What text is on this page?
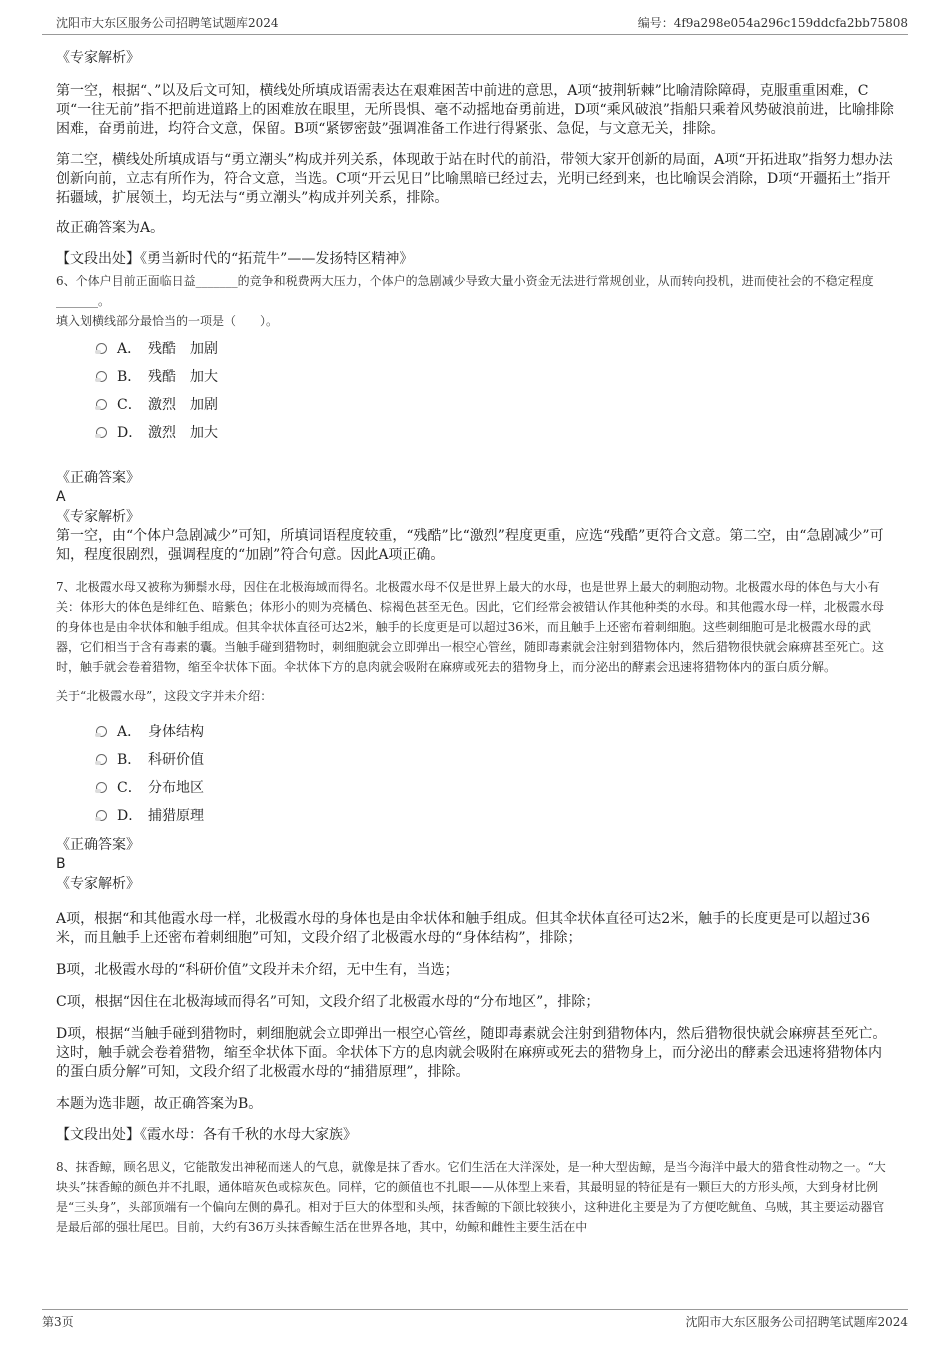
沈阳市大东区服务公司招聘笔试题库2024	编号：4f9a298e054a296c159ddcfa2bb75808

《专家解析》

第一空，根据“、”以及后文可知，横线处所填成语需表达在艰难困苦中前进的意思，A项“披荆斩棘”比喻清除障碍，克服重重困难，C项“一往无前”指不把前进道路上的困难放在眼里，无所畏惧、毫不动摇地奋勇前进，D项“乘风破浪”指船只乘着风势破浪前进，比喻排除困难，奋勇前进，均符合文意，保留。B项“紧锣密鼓”强调准备工作进行得紧张、急促，与文意无关，排除。

第二空，横线处所填成语与“勇立潮头”构成并列关系，体现敢于站在时代的前沿，带领大家开创新的局面，A项“开拓进取”指努力想办法创新向前，立志有所作为，符合文意，当选。C项“开云见日”比喻黑暗已经过去，光明已经到来，也比喻误会消除，D项“开疆拓土”指开拓疆域，扩展领土，均无法与“勇立潮头”构成并列关系，排除。

故正确答案为A。

【文段出处】《勇当新时代的“拓荒牛”——发扬特区精神》

6、个体户目前正面临日益_______的竞争和税费两大压力，个体户的急剧减少导致大量小资金无法进行常规创业，从而转向投机，进而使社会的不稳定程度_______。

填入划横线部分最恰当的一项是（　　）。

A． 残酷　加剧
B． 残酷　加大
C． 激烈　加剧
D． 激烈　加大

《正确答案》

A

《专家解析》

第一空，由“个体户急剧减少”可知，所填词语程度较重，“残酷”比“激烈”程度更重，应选“残酷”更符合文意。第二空，由“急剧减少”可知，程度很剧烈，强调程度的“加剧”符合句意。因此A项正确。

7、北极霞水母又被称为狮鬃水母，因住在北极海域而得名。北极霞水母不仅是世界上最大的水母，也是世界上最大的刺胞动物。北极霞水母的体色与大小有关：体形大的体色是绯红色、暗紫色；体形小的则为亮橘色、棕褐色甚至无色。因此，它们经常会被错认作其他种类的水母。和其他霞水母一样，北极霞水母的身体也是由伞状体和触手组成。但其伞状体直径可达2米，触手的长度更是可以超过36米，而且触手上还密布着刺细胞。这些刺细胞可是北极霞水母的武器，它们相当于含有毒素的囊。当触手碰到猎物时，刺细胞就会立即弹出一根空心管丝，随即毒素就会注射到猎物体内，然后猎物很快就会麻痹甚至死亡。这时，触手就会卷着猎物，缩至伞状体下面。伞状体下方的息肉就会吸附在麻痹或死去的猎物身上，而分泌出的酵素会迅速将猎物体内的蛋白质分解。

关于“北极霞水母”，这段文字并未介绍：

A． 身体结构
B． 科研价值
C． 分布地区
D． 捕猎原理

《正确答案》

B

《专家解析》

A项，根据“和其他霞水母一样，北极霞水母的身体也是由伞状体和触手组成。但其伞状体直径可达2米，触手的长度更是可以超过36米，而且触手上还密布着刺细胞”可知，文段介绍了北极霞水母的“身体结构”，排除；

B项，北极霞水母的“科研价值”文段并未介绍，无中生有，当选；

C项，根据“因住在北极海域而得名”可知，文段介绍了北极霞水母的“分布地区”，排除；

D项，根据“当触手碰到猎物时，刺细胞就会立即弹出一根空心管丝，随即毒素就会注射到猎物体内，然后猎物很快就会麻痹甚至死亡。这时，触手就会卷着猎物，缩至伞状体下面。伞状体下方的息肉就会吸附在麻痹或死去的猎物身上，而分泌出的酵素会迅速将猎物体内的蛋白质分解”可知，文段介绍了北极霞水母的“捕猎原理”，排除。

本题为选非题，故正确答案为B。

【文段出处】《霞水母：各有千秋的水母大家族》

8、抹香鲸，顾名思义，它能散发出神秘而迷人的气息，就像是抹了香水。它们生活在大洋深处，是一种大型齿鲸，是当今海洋中最大的猎食性动物之一。“大块头”抹香鲸的颜色并不扎眼，通体暗灰色或棕灰色。同样，它的颜值也不扎眼——从体型上来看，其最明显的特征是有一颗巨大的方形头颅，大到身材比例是“三头身”，头部顶端有一个偏向左侧的鼻孔。相对于巨大的体型和头颅，抹香鲸的下颌比较狭小，这种进化主要是为了方便吃鱿鱼、乌贼，其主要运动器官是最后部的强壮尾巴。目前，大约有36万头抹香鲸生活在世界各地，其中，幼鲸和雌性主要生活在中

第3页	沈阳市大东区服务公司招聘笔试题库2024
